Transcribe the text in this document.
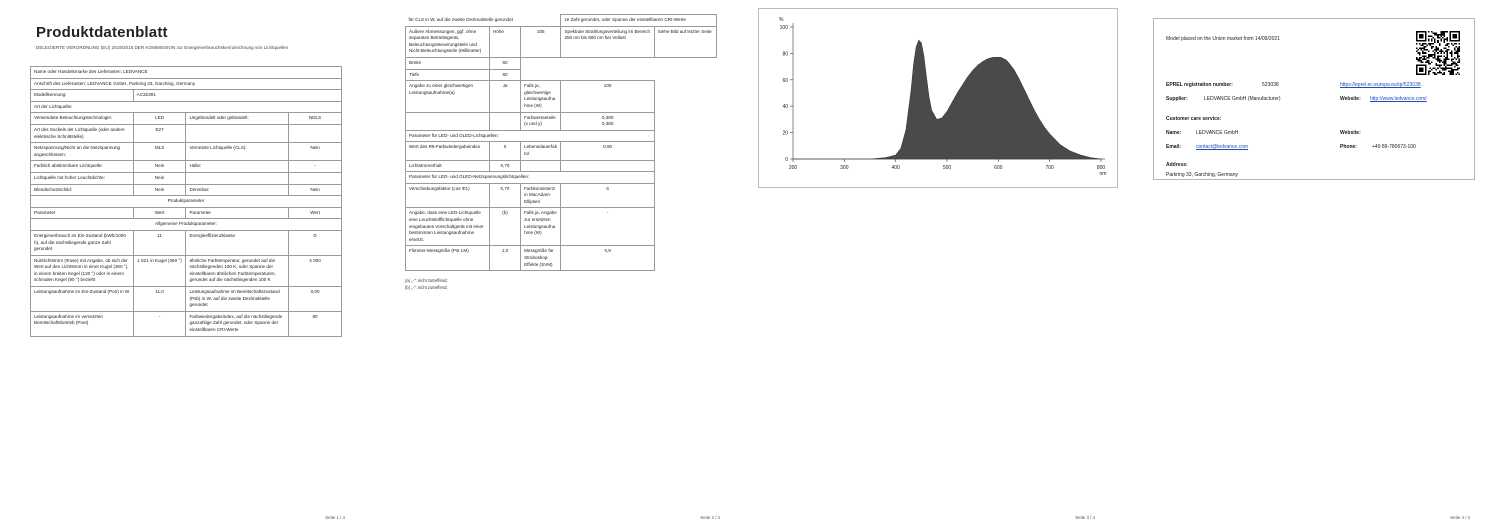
Produktdatenblatt
DELEGIERTE VERORDNUNG (EU) 2019/2015 DER KOMMISSION zur Energieverbrauchskennzeichnung von Lichtquellen
Name oder Handelsmarke des Lieferanten: LEDVANCE			
Anschrift des Lieferanten: LEDVANCE GmbH, Parkring 33, Garching, Germany			
Modellkennung:	AC32391		
Art der Lichtquelle:			
Verwendete Beleuchtungstechnologie:	LED	Ungebündelt oder gebündelt:	NDLS
Art des Sockels der Lichtquelle (oder andere elektrische Schnittstelle)	E27		
Netzspannung/Nicht an die Netzspannung angeschlossen:	MLS	Vernetzte Lichtquelle (CLS):	Nein
Farblich abstimmbare Lichtquelle:	Nein	Hülle:	-
Lichtquelle mit hoher Leuchtdichte:	Nein		
Blendschutzschild:	Nein	Dimmbar:	Nein
Produktparameter			
Parameter	Wert	Parameter	Wert
Allgemeine Produktparameter:			
Energieverbrauch im Ein-Zustand (kWh/1000 h), auf die nächstliegende ganze Zahl gerundet	11	Energieeffizienzklasse	D
Nutzlichtstrom (Φuse) mit Angabe, ob sich der Wert auf den Lichtstrom in einer Kugel (360 °), in einem breiten Kegel (120 °) oder in einem schmalen Kegel (90 °) bezieht	1 521 in Kugel (360 °)	ähnliche Farbtemperatur, gerundet auf die nächstliegenden 100 K, oder Spanne der einstellbaren ähnlichen Farbtemperaturen, gerundet auf die nächstliegenden 100 K	4 000
Leistungsaufnahme im Ein-Zustand (Pon) in W	11,0	Leistungsaufnahme im Bereitschaftszustand (Psb) in W, auf die zweite Dezimalstelle gerundet	0,00
Leistungsaufnahme im vernetzten Bereitschaftsbetrieb (Pnet)	-	Farbwiedergabeindex, auf die nächstliegende ganzahlige Zahl gerundet, oder Spanne der einstellbaren CRI-Werte	80
Seite 1 / 4
für CLS in W, auf die zweite Dezimalstelle gerundet			ze Zahl gerundet, oder Spanne der einstellbaren CRI-Werte	
Äußere Abmessungen, ggf. ohne separates Betriebsgerät, Beleuchtungssteuerungsteile und Nicht-Beleuchtungsteile (Millimeter)	Höhe	105	Spektrale Strahlungsverteilung im Bereich 250 nm bis 800 nm bei Vollast	Siehe Bild auf letzter Seite
Breite	60			
Tiefe	60			
Angabe zu einer gleichwertigen Leistungsaufnahme(a)	Ja	Falls ja, gleichwertige Leistungsaufnahme (W)	100	
		Farbwertanteile (x und y)	0,380
0,380	
Parameter für LED- und OLED-Lichtquellen:				
Wert des R9-Farbwiedergabeindex	0	Lebensdauerfaktor	0,90	
Lichtstromerhalt	0,70			
Parameter für LED- und OLED-Netzspannungslichtquellen:				
Verschiebungsfaktor (cos Φ1)	0,70	Farbkonsistenz in MacAdam-Ellipsen	6	
Angabe, dass eine LED-Lichtquelle eine Leuchtstofflichtquelle ohne eingebautes Vorschaltgerät mit einer bestimmten Leistungsaufnahme ersetzt.	(b)	Falls ja, Angabe zur ersetzten Leistungsaufnahme (W)	-	
Flimmer-Messgröße (Pst LM)	1,0	Messgröße für Stroboskop-Effekte (SVM)	0,9	
(a) „-": nicht zutreffend;
(b) „-": nicht zutreffend;
Seite 2 / 4
0
20
40
60
80
100
200	300	400	500	600	700	800
%
nm
Seite 3 / 4
Model placed on the Union market from 14/09/2021
EPREL registration number:	523038	https://eprel.ec.europa.eu/qr/523038
Supplier:	LEDVANCE GmbH (Manufacturer)	Website: http://www.ledvance.com/
Customer care service:
Name:	LEDVANCE GmbH	Website:
Email:	contact@ledvance.com	Phone:	+49 89-780673-100
Address:
Parkring 33, Garching, Germany
Seite 4 / 4
